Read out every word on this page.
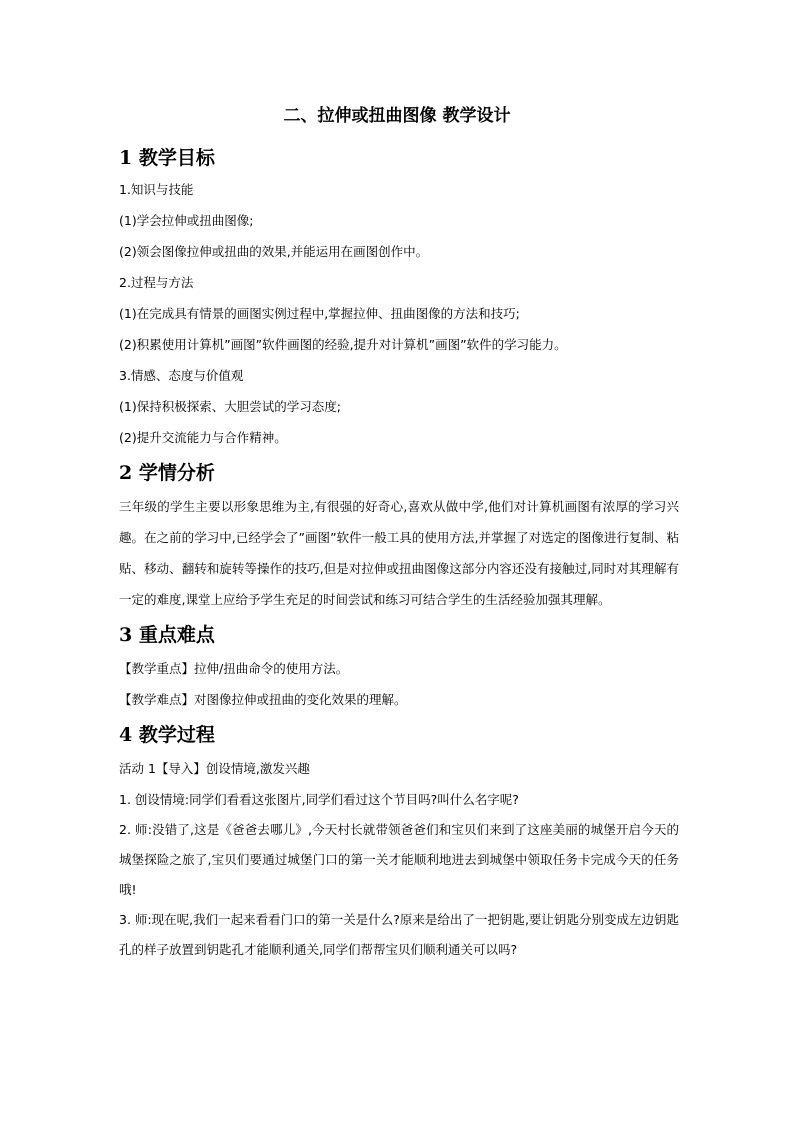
二、拉伸或扭曲图像 教学设计
1 教学目标
1.知识与技能
(1)学会拉伸或扭曲图像;
(2)领会图像拉伸或扭曲的效果,并能运用在画图创作中。
2.过程与方法
(1)在完成具有情景的画图实例过程中,掌握拉伸、扭曲图像的方法和技巧;
(2)积累使用计算机”画图”软件画图的经验,提升对计算机”画图”软件的学习能力。
3.情感、态度与价值观
(1)保持积极探索、大胆尝试的学习态度;
(2)提升交流能力与合作精神。
2 学情分析
三年级的学生主要以形象思维为主,有很强的好奇心,喜欢从做中学,他们对计算机画图有浓厚的学习兴趣。在之前的学习中,已经学会了”画图”软件一般工具的使用方法,并掌握了对选定的图像进行复制、粘贴、移动、翻转和旋转等操作的技巧,但是对拉伸或扭曲图像这部分内容还没有接触过,同时对其理解有一定的难度,课堂上应给予学生充足的时间尝试和练习可结合学生的生活经验加强其理解。
3 重点难点
【教学重点】拉伸/扭曲命令的使用方法。
【教学难点】对图像拉伸或扭曲的变化效果的理解。
4 教学过程
活动 1【导入】创设情境,激发兴趣
1. 创设情境:同学们看看这张图片,同学们看过这个节目吗?叫什么名字呢?
2. 师:没错了,这是《爸爸去哪儿》,今天村长就带领爸爸们和宝贝们来到了这座美丽的城堡开启今天的城堡探险之旅了,宝贝们要通过城堡门口的第一关才能顺利地进去到城堡中领取任务卡完成今天的任务哦!
3. 师:现在呢,我们一起来看看门口的第一关是什么?原来是给出了一把钥匙,要让钥匙分别变成左边钥匙孔的样子放置到钥匙孔才能顺利通关,同学们帮帮宝贝们顺利通关可以吗?
